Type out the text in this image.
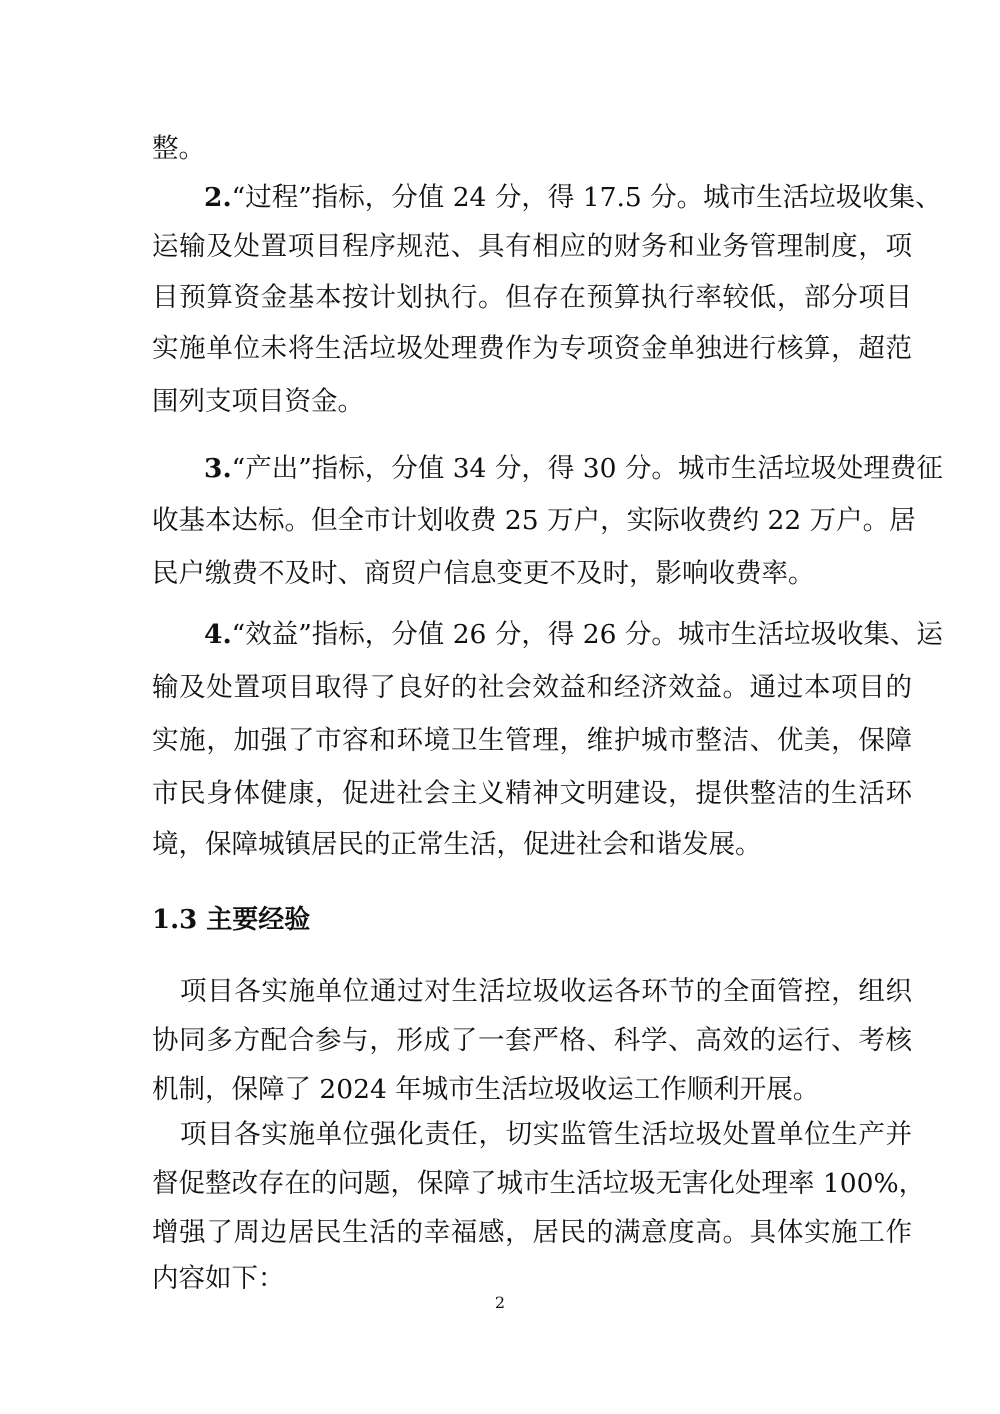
整。
2.“过程”指标，分值 24 分，得 17.5 分。城市生活垃圾收集、
运输及处置项目程序规范、具有相应的财务和业务管理制度，项
目预算资金基本按计划执行。但存在预算执行率较低，部分项目
实施单位未将生活垃圾处理费作为专项资金单独进行核算，超范
围列支项目资金。
3.“产出”指标，分值 34 分，得 30 分。城市生活垃圾处理费征
收基本达标。但全市计划收费 25 万户，实际收费约 22 万户。居
民户缴费不及时、商贸户信息变更不及时，影响收费率。
4.“效益”指标，分值 26 分，得 26 分。城市生活垃圾收集、运
输及处置项目取得了良好的社会效益和经济效益。通过本项目的
实施，加强了市容和环境卫生管理，维护城市整洁、优美，保障
市民身体健康，促进社会主义精神文明建设，提供整洁的生活环
境，保障城镇居民的正常生活，促进社会和谐发展。
1.3 主要经验
项目各实施单位通过对生活垃圾收运各环节的全面管控，组织
协同多方配合参与，形成了一套严格、科学、高效的运行、考核
机制，保障了 2024 年城市生活垃圾收运工作顺利开展。
项目各实施单位强化责任，切实监管生活垃圾处置单位生产并
督促整改存在的问题，保障了城市生活垃圾无害化处理率 100%，
增强了周边居民生活的幸福感，居民的满意度高。具体实施工作
内容如下：
2
